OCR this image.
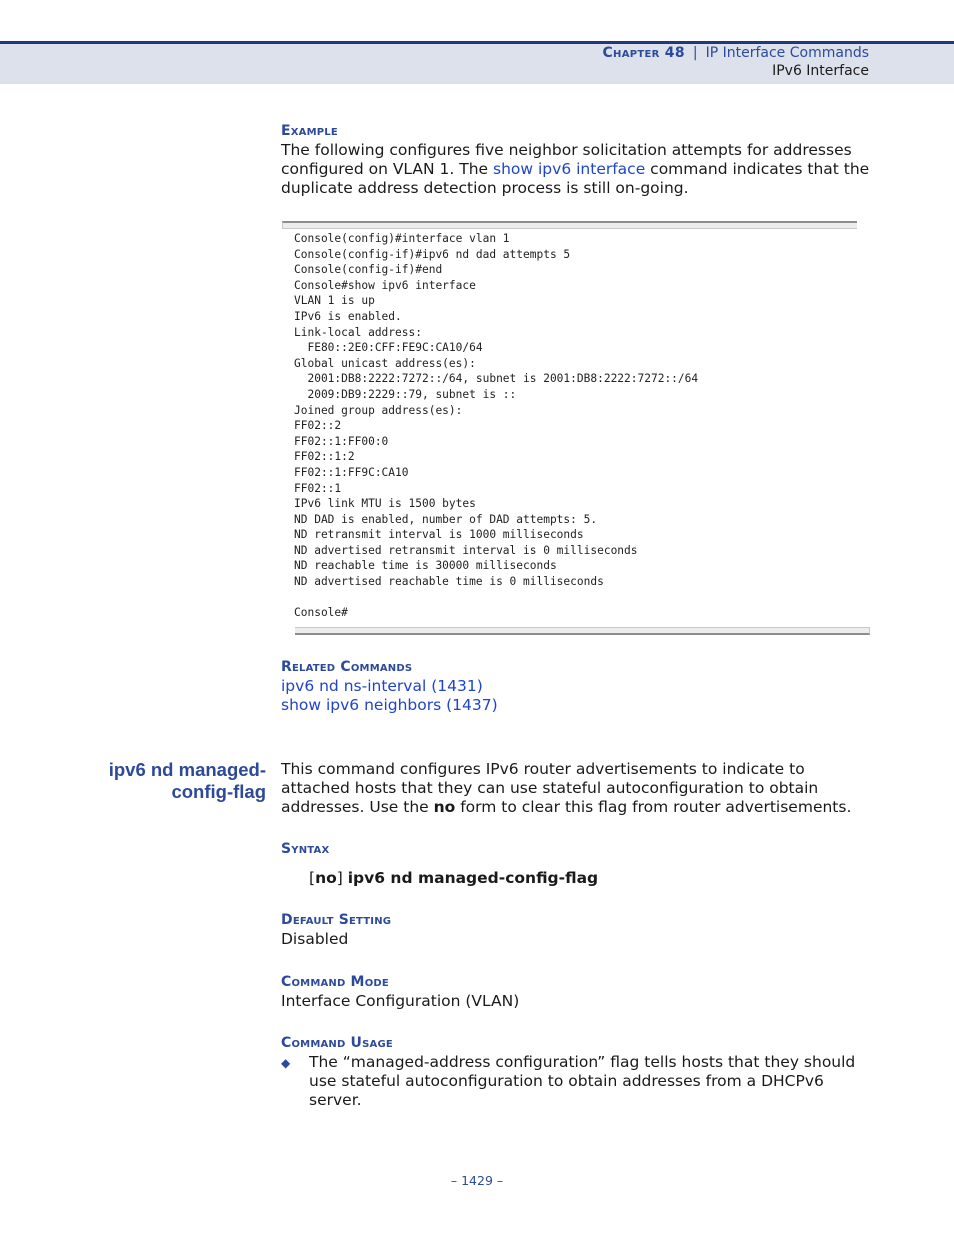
Chapter 48 | IP Interface Commands
IPv6 Interface
Example
The following configures five neighbor solicitation attempts for addresses configured on VLAN 1. The show ipv6 interface command indicates that the duplicate address detection process is still on-going.
Console(config)#interface vlan 1
Console(config-if)#ipv6 nd dad attempts 5
Console(config-if)#end
Console#show ipv6 interface
VLAN 1 is up
IPv6 is enabled.
Link-local address:
FE80::2E0:CFF:FE9C:CA10/64
Global unicast address(es):
2001:DB8:2222:7272::/64, subnet is 2001:DB8:2222:7272::/64
2009:DB9:2229::79, subnet is ::
Joined group address(es):
FF02::2
FF02::1:FF00:0
FF02::1:2
FF02::1:FF9C:CA10
FF02::1
IPv6 link MTU is 1500 bytes
ND DAD is enabled, number of DAD attempts: 5.
ND retransmit interval is 1000 milliseconds
ND advertised retransmit interval is 0 milliseconds
ND reachable time is 30000 milliseconds
ND advertised reachable time is 0 milliseconds

Console#
Related Commands
ipv6 nd ns-interval (1431)
show ipv6 neighbors (1437)
ipv6 nd managed-
config-flag
This command configures IPv6 router advertisements to indicate to attached hosts that they can use stateful autoconfiguration to obtain addresses. Use the no form to clear this flag from router advertisements.
Syntax
[no] ipv6 nd managed-config-flag
Default Setting
Disabled
Command Mode
Interface Configuration (VLAN)
Command Usage
◆ The “managed-address configuration” flag tells hosts that they should use stateful autoconfiguration to obtain addresses from a DHCPv6 server.
– 1429 –
